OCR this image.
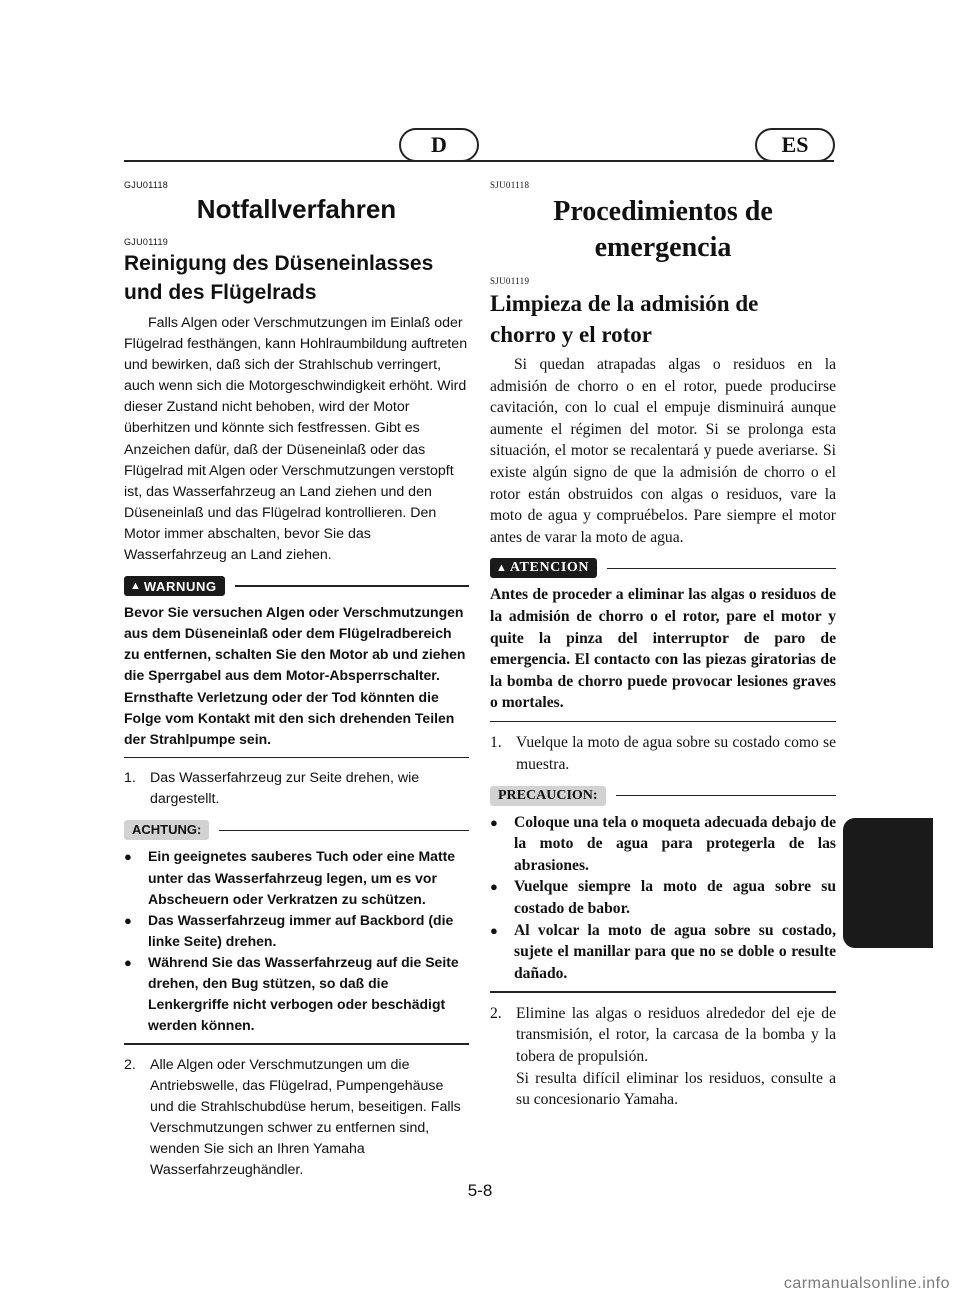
D	ES

GJU01118

Notfallverfahren

GJU01119

Reinigung des Düseneinlasses
und des Flügelrads

Falls Algen oder Verschmutzungen im Einlaß oder Flügelrad festhängen, kann Hohlraumbildung auftreten und bewirken, daß sich der Strahlschub verringert, auch wenn sich die Motorgeschwindigkeit erhöht. Wird dieser Zustand nicht behoben, wird der Motor überhitzen und könnte sich festfressen. Gibt es Anzeichen dafür, daß der Düseneinlaß oder das Flügelrad mit Algen oder Verschmutzungen verstopft ist, das Wasserfahrzeug an Land ziehen und den Düseneinlaß und das Flügelrad kontrollieren. Den Motor immer abschalten, bevor Sie das Wasserfahrzeug an Land ziehen.

▲ WARNUNG

Bevor Sie versuchen Algen oder Verschmutzungen aus dem Düseneinlaß oder dem Flügelradbereich zu entfernen, schalten Sie den Motor ab und ziehen die Sperrgabel aus dem Motor-Absperrschalter. Ernsthafte Verletzung oder der Tod könnten die Folge vom Kontakt mit den sich drehenden Teilen der Strahlpumpe sein.

1. Das Wasserfahrzeug zur Seite drehen, wie dargestellt.
ACHTUNG:
●	Ein geeignetes sauberes Tuch oder eine Matte unter das Wasserfahrzeug legen, um es vor Abscheuern oder Verkratzen zu schützen.
●	Das Wasserfahrzeug immer auf Backbord (die linke Seite) drehen.
●	Während Sie das Wasserfahrzeug auf die Seite drehen, den Bug stützen, so daß die Lenkergriffe nicht verbogen oder beschädigt werden können.
2. Alle Algen oder Verschmutzungen um die Antriebswelle, das Flügelrad, Pumpengehäuse und die Strahlschubdüse herum, beseitigen. Falls Verschmutzungen schwer zu entfernen sind, wenden Sie sich an Ihren Yamaha Wasserfahrzeughändler.

SJU01118

Procedimientos de
emergencia

SJU01119

Limpieza de la admisión de
chorro y el rotor

Si quedan atrapadas algas o residuos en la admisión de chorro o en el rotor, puede producirse cavitación, con lo cual el empuje disminuirá aunque aumente el régimen del motor. Si se prolonga esta situación, el motor se recalentará y puede averiarse. Si existe algún signo de que la admisión de chorro o el rotor están obstruidos con algas o residuos, vare la moto de agua y compruébelos. Pare siempre el motor antes de varar la moto de agua.

▲ ATENCION

Antes de proceder a eliminar las algas o residuos de la admisión de chorro o el rotor, pare el motor y quite la pinza del interruptor de paro de emergencia. El contacto con las piezas giratorias de la bomba de chorro puede provocar lesiones graves o mortales.

1. Vuelque la moto de agua sobre su costado como se muestra.
PRECAUCION:
●	Coloque una tela o moqueta adecuada debajo de la moto de agua para protegerla de las abrasiones.
●	Vuelque siempre la moto de agua sobre su costado de babor.
●	Al volcar la moto de agua sobre su costado, sujete el manillar para que no se doble o resulte dañado.
2. Elimine las algas o residuos alrededor del eje de transmisión, el rotor, la carcasa de la bomba y la tobera de propulsión.
Si resulta difícil eliminar los residuos, consulte a su concesionario Yamaha.
5-8
carmanualsonline.info
